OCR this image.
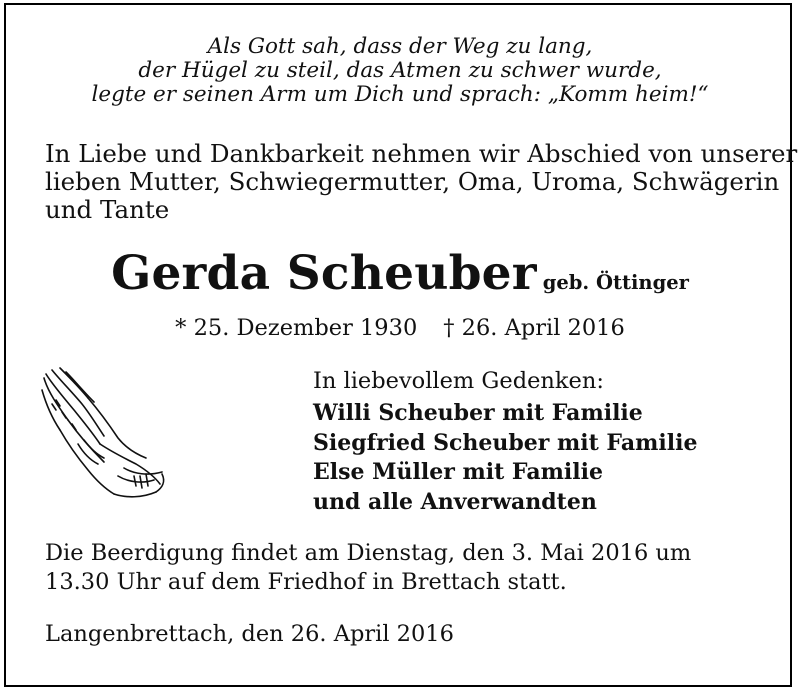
Als Gott sah, dass der Weg zu lang,
der Hügel zu steil, das Atmen zu schwer wurde,
legte er seinen Arm um Dich und sprach: „Komm heim!“
In Liebe und Dankbarkeit nehmen wir Abschied von unserer
lieben Mutter, Schwiegermutter, Oma, Uroma, Schwägerin
und Tante
Gerda Scheuber geb. Öttinger
* 25. Dezember 1930 † 26. April 2016
In liebevollem Gedenken:
Willi Scheuber mit Familie
Siegfried Scheuber mit Familie
Else Müller mit Familie
und alle Anverwandten
Die Beerdigung findet am Dienstag, den 3. Mai 2016 um
13.30 Uhr auf dem Friedhof in Brettach statt.
Langenbrettach, den 26. April 2016
